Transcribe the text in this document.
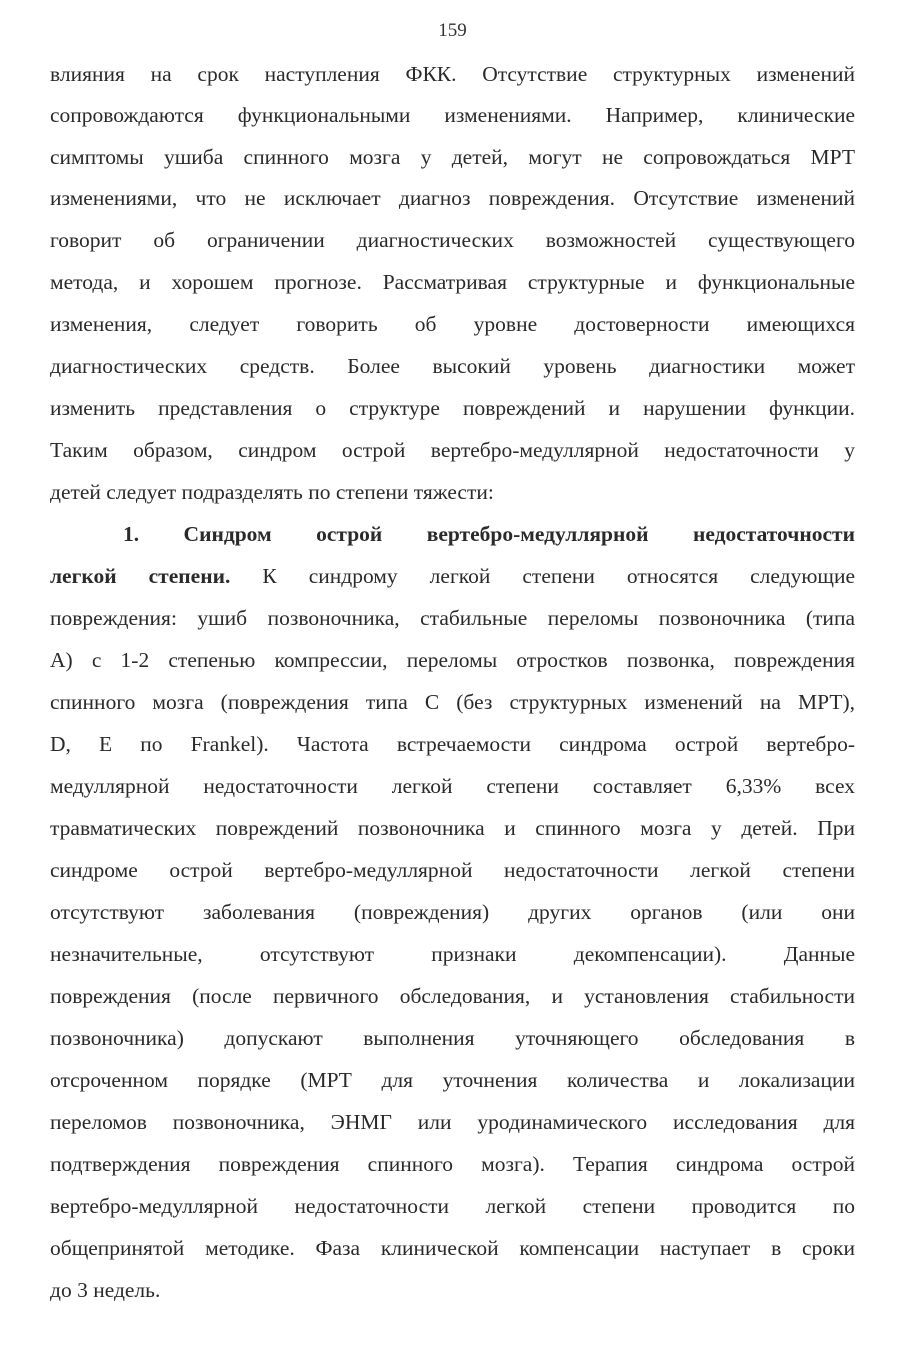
159
влияния на срок наступления ФКК. Отсутствие структурных изменений
сопровождаются функциональными изменениями. Например, клинические
симптомы ушиба спинного мозга у детей, могут не сопровождаться МРТ
изменениями, что не исключает диагноз повреждения. Отсутствие изменений
говорит об ограничении диагностических возможностей существующего
метода, и хорошем прогнозе. Рассматривая структурные и функциональные
изменения, следует говорить об уровне достоверности имеющихся
диагностических средств. Более высокий уровень диагностики может
изменить представления о структуре повреждений и нарушении функции.
Таким образом, синдром острой вертебро-медуллярной недостаточности у
детей следует подразделять по степени тяжести:
1. Синдром острой вертебро-медуллярной недостаточности
легкой степени. К синдрому легкой степени относятся следующие
повреждения: ушиб позвоночника, стабильные переломы позвоночника (типа
А) с 1-2 степенью компрессии, переломы отростков позвонка, повреждения
спинного мозга (повреждения типа С (без структурных изменений на МРТ),
D, Е по Frankel). Частота встречаемости синдрома острой вертебро-
медуллярной недостаточности легкой степени составляет 6,33% всех
травматических повреждений позвоночника и спинного мозга у детей. При
синдроме острой вертебро-медуллярной недостаточности легкой степени
отсутствуют заболевания (повреждения) других органов (или они
незначительные, отсутствуют признаки декомпенсации). Данные
повреждения (после первичного обследования, и установления стабильности
позвоночника) допускают выполнения уточняющего обследования в
отсроченном порядке (МРТ для уточнения количества и локализации
переломов позвоночника, ЭНМГ или уродинамического исследования для
подтверждения повреждения спинного мозга). Терапия синдрома острой
вертебро-медуллярной недостаточности легкой степени проводится по
общепринятой методике. Фаза клинической компенсации наступает в сроки
до 3 недель.
